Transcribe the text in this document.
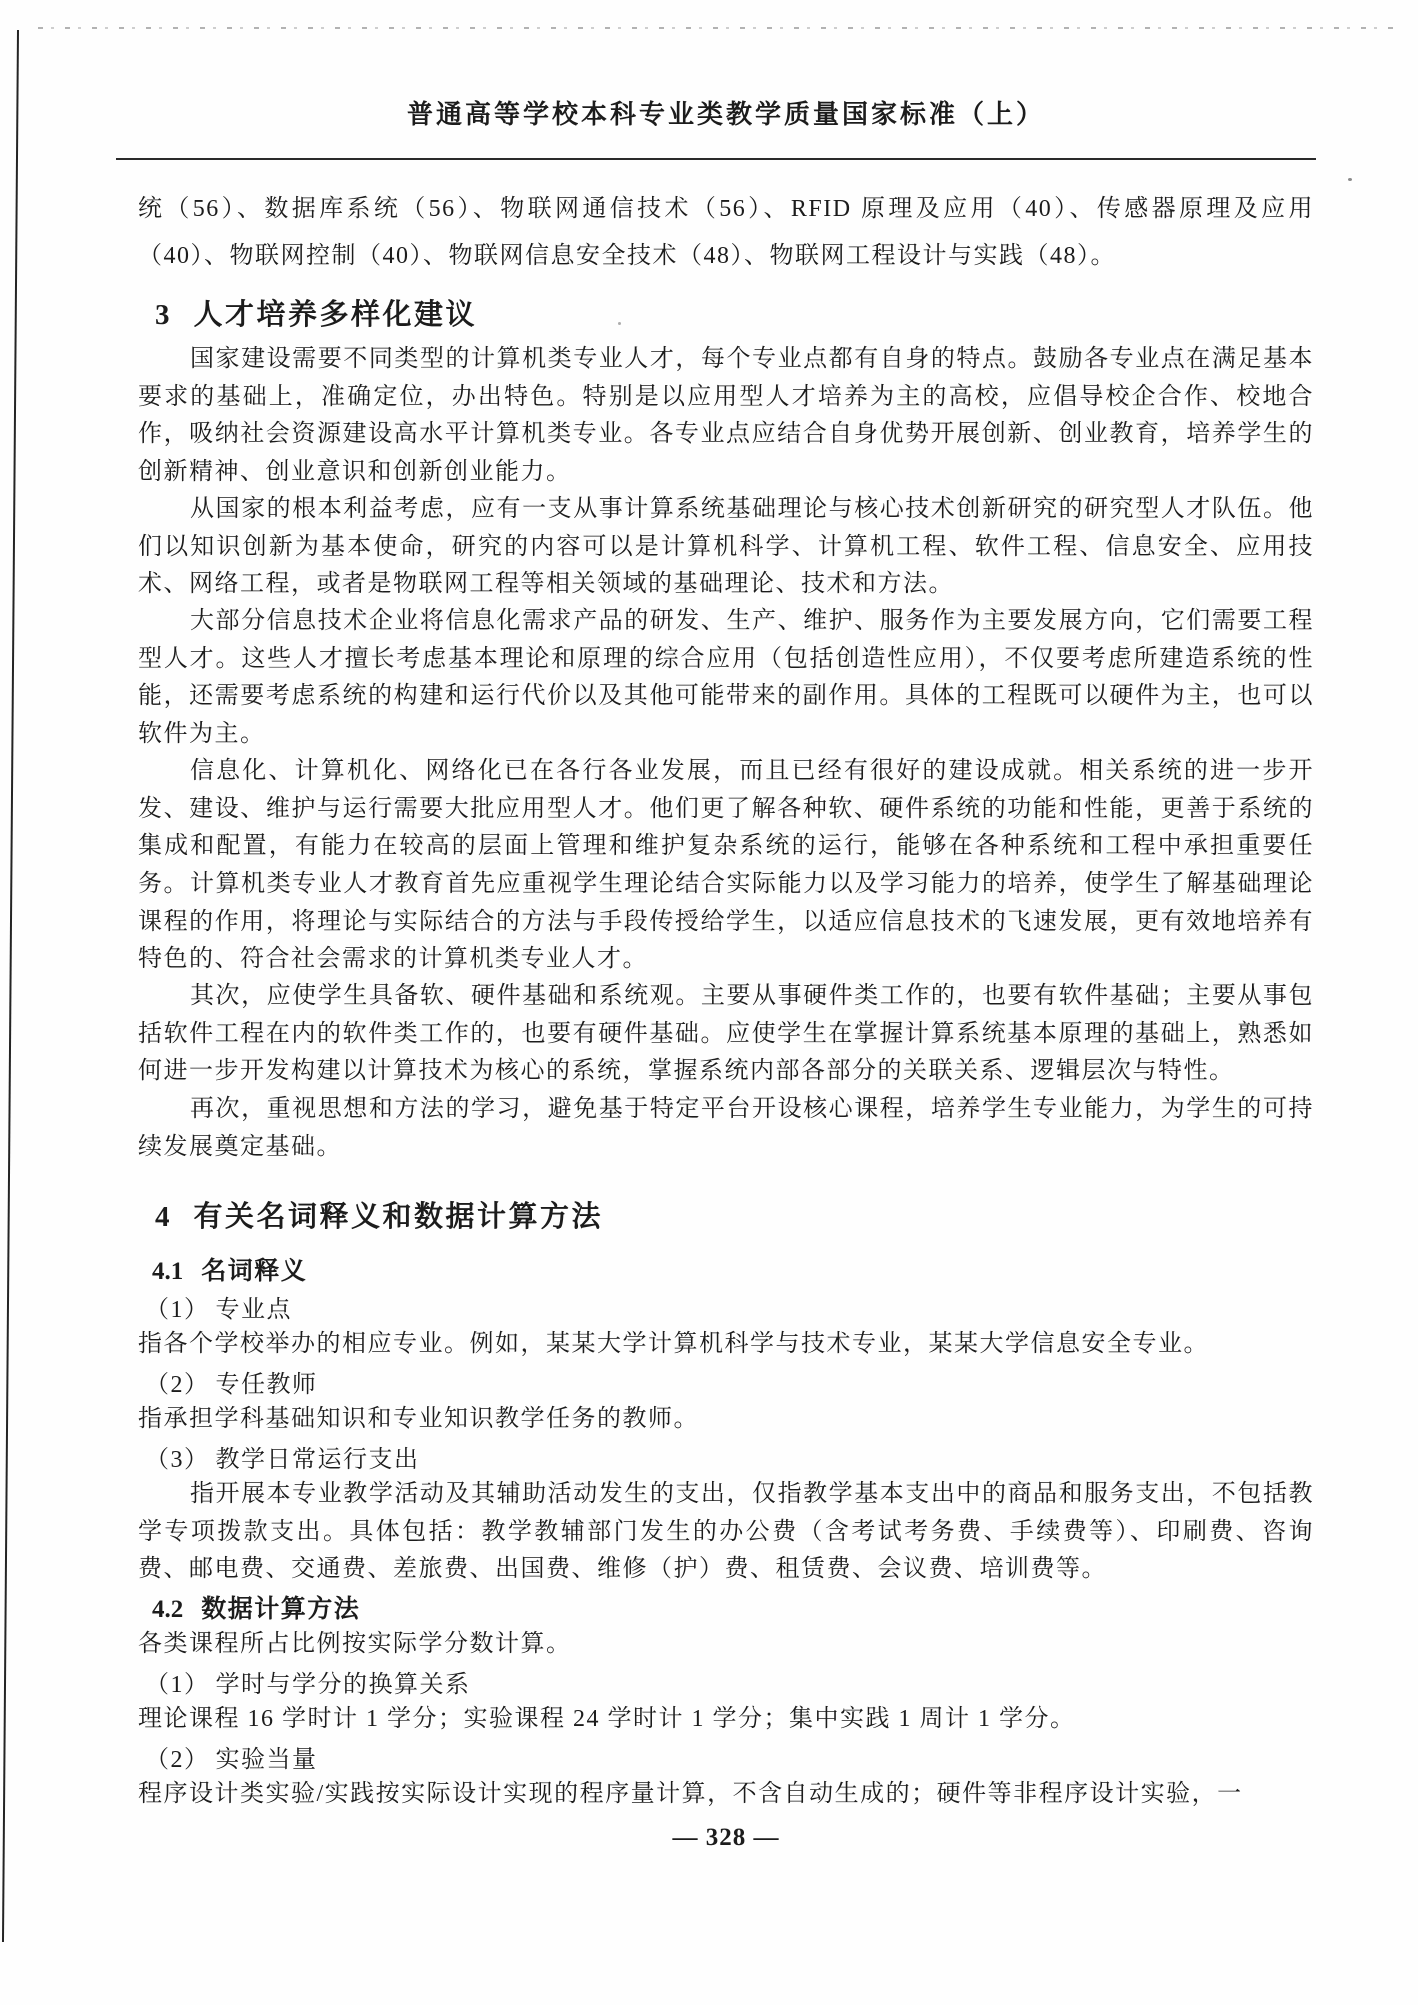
普通高等学校本科专业类教学质量国家标准（上）

统（56）、数据库系统（56）、物联网通信技术（56）、RFID 原理及应用（40）、传感器原理及应用（40）、物联网控制（40）、物联网信息安全技术（48）、物联网工程设计与实践（48）。

3 人才培养多样化建议

国家建设需要不同类型的计算机类专业人才，每个专业点都有自身的特点。鼓励各专业点在满足基本要求的基础上，准确定位，办出特色。特别是以应用型人才培养为主的高校，应倡导校企合作、校地合作，吸纳社会资源建设高水平计算机类专业。各专业点应结合自身优势开展创新、创业教育，培养学生的创新精神、创业意识和创新创业能力。

从国家的根本利益考虑，应有一支从事计算系统基础理论与核心技术创新研究的研究型人才队伍。他们以知识创新为基本使命，研究的内容可以是计算机科学、计算机工程、软件工程、信息安全、应用技术、网络工程，或者是物联网工程等相关领域的基础理论、技术和方法。

大部分信息技术企业将信息化需求产品的研发、生产、维护、服务作为主要发展方向，它们需要工程型人才。这些人才擅长考虑基本理论和原理的综合应用（包括创造性应用），不仅要考虑所建造系统的性能，还需要考虑系统的构建和运行代价以及其他可能带来的副作用。具体的工程既可以硬件为主，也可以软件为主。

信息化、计算机化、网络化已在各行各业发展，而且已经有很好的建设成就。相关系统的进一步开发、建设、维护与运行需要大批应用型人才。他们更了解各种软、硬件系统的功能和性能，更善于系统的集成和配置，有能力在较高的层面上管理和维护复杂系统的运行，能够在各种系统和工程中承担重要任务。 计算机类专业人才教育首先应重视学生理论结合实际能力以及学习能力的培养，使学生了解基础理论课程的作用，将理论与实际结合的方法与手段传授给学生，以适应信息技术的飞速发展，更有效地培养有特色的、符合社会需求的计算机类专业人才。

其次，应使学生具备软、硬件基础和系统观。主要从事硬件类工作的，也要有软件基础；主要从事包括软件工程在内的软件类工作的，也要有硬件基础。应使学生在掌握计算系统基本原理的基础上，熟悉如何进一步开发构建以计算技术为核心的系统，掌握系统内部各部分的关联关系、逻辑层次与特性。

再次，重视思想和方法的学习，避免基于特定平台开设核心课程，培养学生专业能力，为学生的可持续发展奠定基础。

4 有关名词释义和数据计算方法
4.1 名词释义
（1） 专业点

指各个学校举办的相应专业。例如，某某大学计算机科学与技术专业，某某大学信息安全专业。

（2） 专任教师

指承担学科基础知识和专业知识教学任务的教师。

（3） 教学日常运行支出

指开展本专业教学活动及其辅助活动发生的支出，仅指教学基本支出中的商品和服务支出，不包括教学专项拨款支出。具体包括：教学教辅部门发生的办公费（含考试考务费、手续费等）、印刷费、咨询费、邮电费、交通费、差旅费、出国费、维修（护）费、租赁费、会议费、培训费等。

4.2 数据计算方法

各类课程所占比例按实际学分数计算。

（1） 学时与学分的换算关系

理论课程 16 学时计 1 学分；实验课程 24 学时计 1 学分；集中实践 1 周计 1 学分。

（2） 实验当量

程序设计类实验/实践按实际设计实现的程序量计算，不含自动生成的；硬件等非程序设计实验，一

— 328 —
